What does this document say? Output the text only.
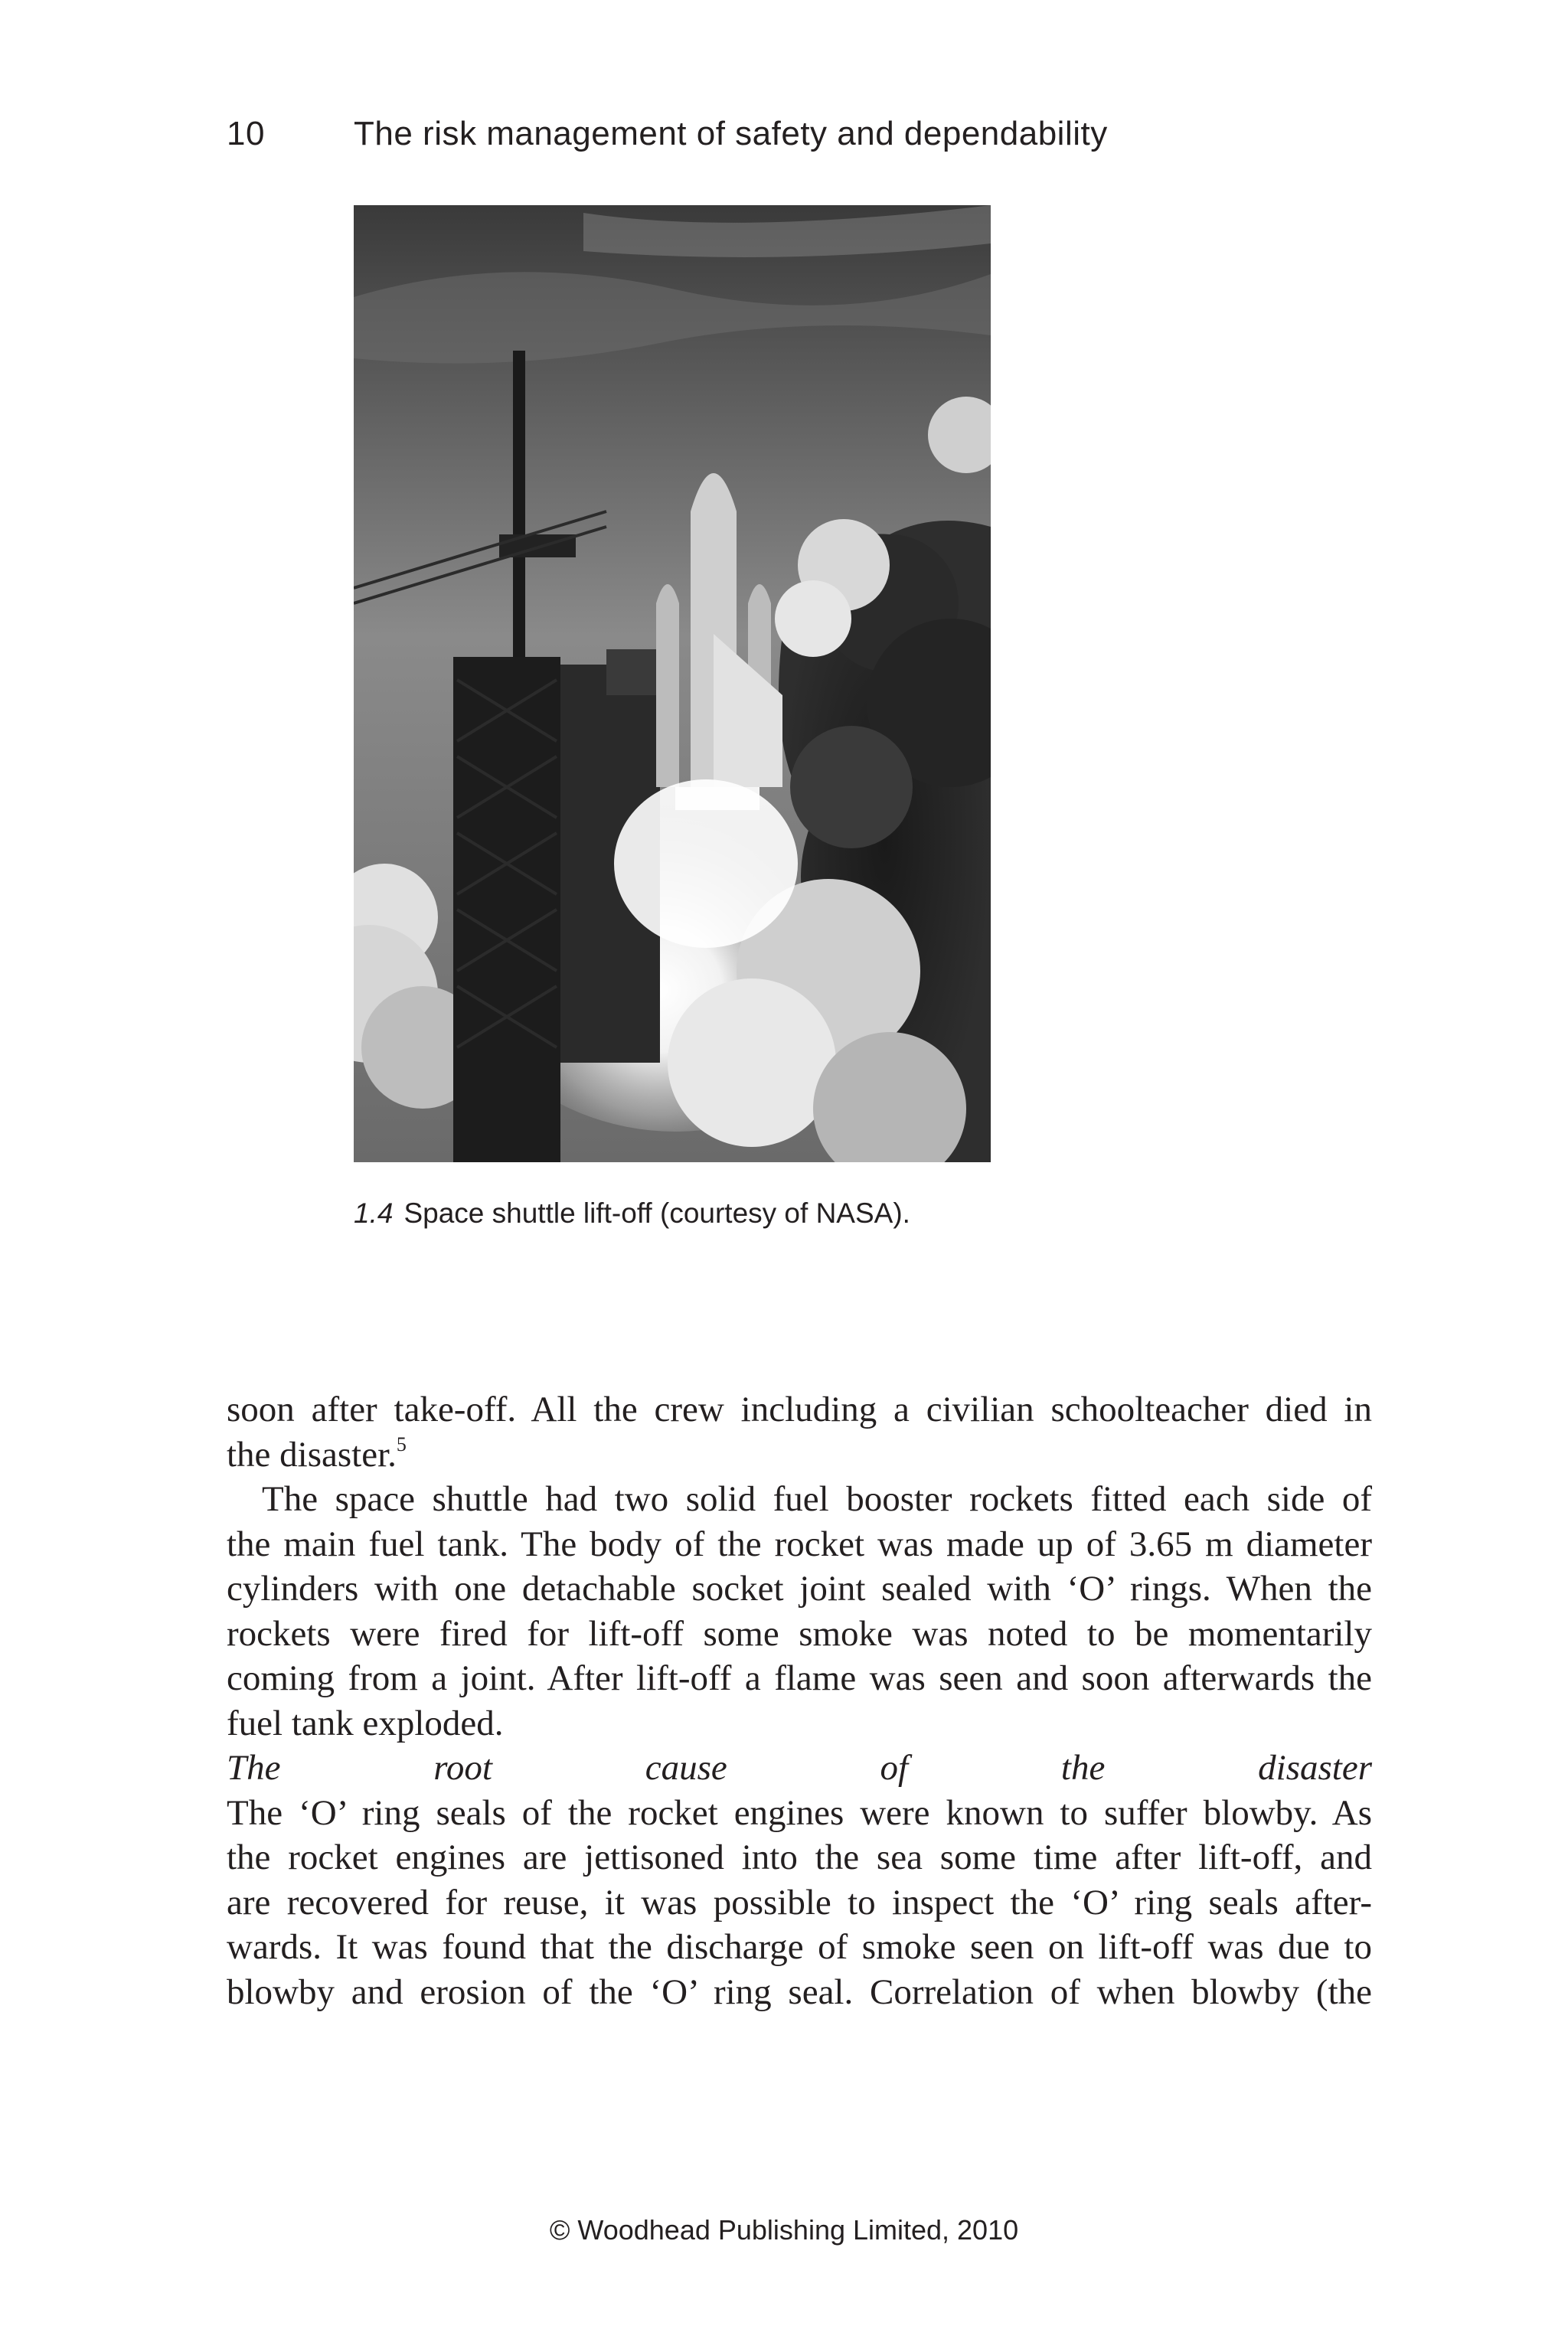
10	The risk management of safety and dependability
1.4 Space shuttle lift-off (courtesy of NASA).

soon after take-off. All the crew including a civilian schoolteacher died in
the disaster.$^5$

The space shuttle had two solid fuel booster rockets fitted each side of
the main fuel tank. The body of the rocket was made up of 3.65 m diameter
cylinders with one detachable socket joint sealed with ‘O’ rings. When the
rockets were fired for lift-off some smoke was noted to be momentarily
coming from a joint. After lift-off a flame was seen and soon afterwards the
fuel tank exploded.

The root cause of the disaster

The ‘O’ ring seals of the rocket engines were known to suffer blowby. As
the rocket engines are jettisoned into the sea some time after lift-off, and
are recovered for reuse, it was possible to inspect the ‘O’ ring seals after-
wards. It was found that the discharge of smoke seen on lift-off was due to
blowby and erosion of the ‘O’ ring seal. Correlation of when blowby (the

© Woodhead Publishing Limited, 2010
